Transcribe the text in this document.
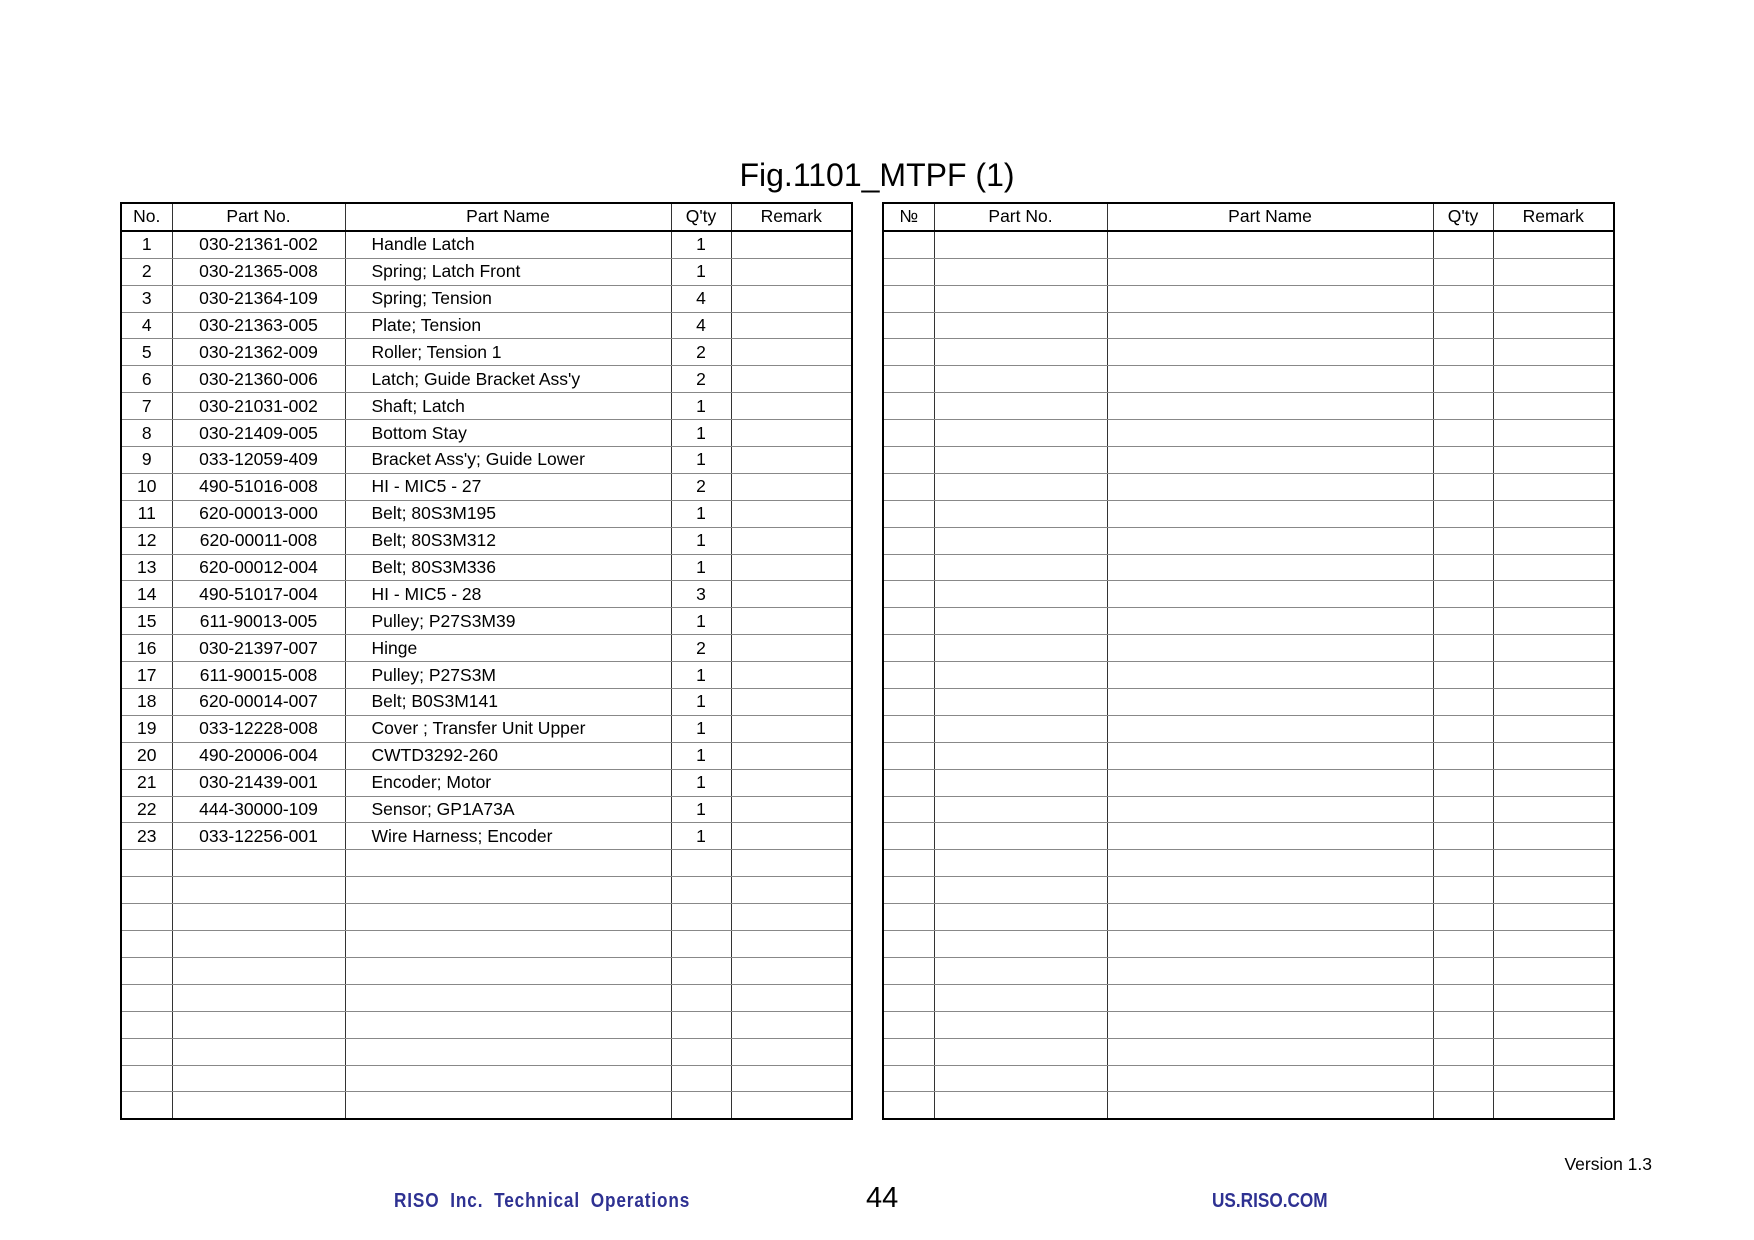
Fig.1101_MTPF (1)
No.	Part No.	Part Name	Q'ty	Remark
1	030-21361-002	Handle Latch	1	
2	030-21365-008	Spring; Latch Front	1	
3	030-21364-109	Spring; Tension	4	
4	030-21363-005	Plate; Tension	4	
5	030-21362-009	Roller; Tension 1	2	
6	030-21360-006	Latch; Guide Bracket Ass'y	2	
7	030-21031-002	Shaft; Latch	1	
8	030-21409-005	Bottom Stay	1	
9	033-12059-409	Bracket Ass'y; Guide Lower	1	
10	490-51016-008	HI - MIC5 - 27	2	
11	620-00013-000	Belt; 80S3M195	1	
12	620-00011-008	Belt; 80S3M312	1	
13	620-00012-004	Belt; 80S3M336	1	
14	490-51017-004	HI - MIC5 - 28	3	
15	611-90013-005	Pulley; P27S3M39	1	
16	030-21397-007	Hinge	2	
17	611-90015-008	Pulley; P27S3M	1	
18	620-00014-007	Belt; B0S3M141	1	
19	033-12228-008	Cover ; Transfer Unit Upper	1	
20	490-20006-004	CWTD3292-260	1	
21	030-21439-001	Encoder; Motor	1	
22	444-30000-109	Sensor; GP1A73A	1	
23	033-12256-001	Wire Harness; Encoder	1	

№	Part No.	Part Name	Q'ty	Remark

Version 1.3
RISO Inc. Technical Operations	44	US.RISO.COM
